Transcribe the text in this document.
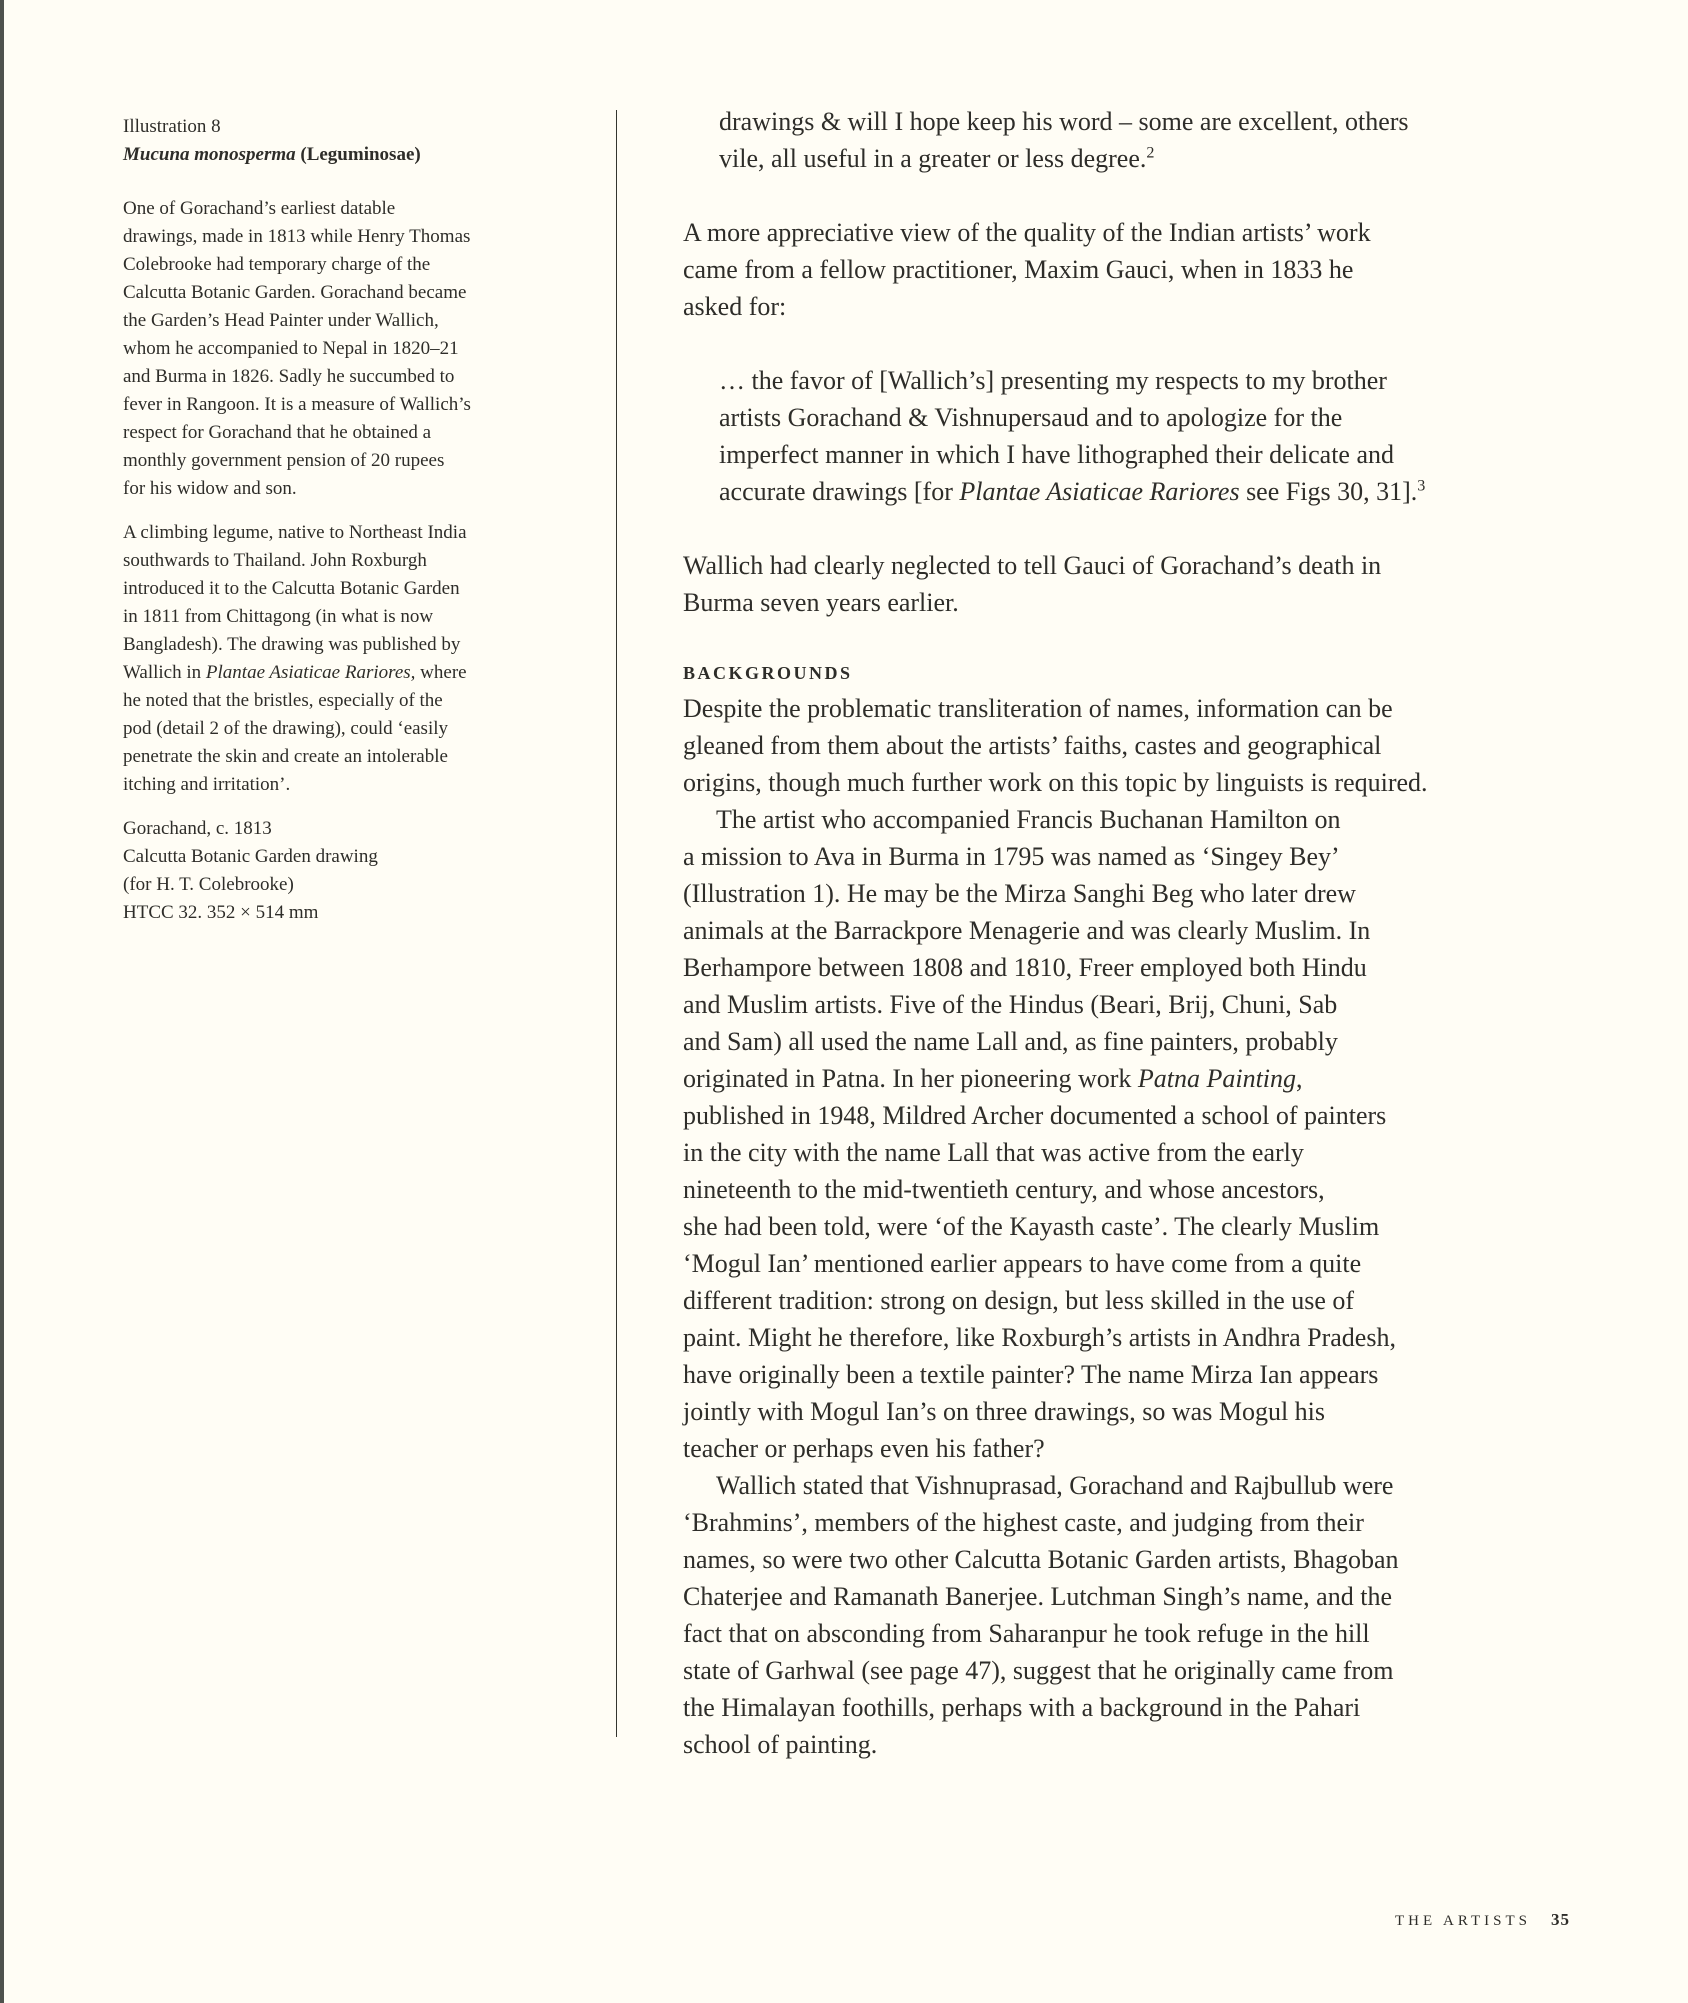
Illustration 8
Mucuna monosperma (Leguminosae)
One of Gorachand’s earliest datable
drawings, made in 1813 while Henry Thomas
Colebrooke had temporary charge of the
Calcutta Botanic Garden. Gorachand became
the Garden’s Head Painter under Wallich,
whom he accompanied to Nepal in 1820–21
and Burma in 1826. Sadly he succumbed to
fever in Rangoon. It is a measure of Wallich’s
respect for Gorachand that he obtained a
monthly government pension of 20 rupees
for his widow and son.
A climbing legume, native to Northeast India
southwards to Thailand. John Roxburgh
introduced it to the Calcutta Botanic Garden
in 1811 from Chittagong (in what is now
Bangladesh). The drawing was published by
Wallich in Plantae Asiaticae Rariores, where
he noted that the bristles, especially of the
pod (detail 2 of the drawing), could ‘easily
penetrate the skin and create an intolerable
itching and irritation’.
Gorachand, c. 1813
Calcutta Botanic Garden drawing
(for H. T. Colebrooke)
HTCC 32. 352 × 514 mm
drawings & will I hope keep his word – some are excellent, others
vile, all useful in a greater or less degree.$^2$
A more appreciative view of the quality of the Indian artists’ work
came from a fellow practitioner, Maxim Gauci, when in 1833 he
asked for:
… the favor of [Wallich’s] presenting my respects to my brother
artists Gorachand & Vishnupersaud and to apologize for the
imperfect manner in which I have lithographed their delicate and
accurate drawings [for Plantae Asiaticae Rariores see Figs 30, 31].$^3$
Wallich had clearly neglected to tell Gauci of Gorachand’s death in
Burma seven years earlier.
BACKGROUNDS
Despite the problematic transliteration of names, information can be
gleaned from them about the artists’ faiths, castes and geographical
origins, though much further work on this topic by linguists is required.
The artist who accompanied Francis Buchanan Hamilton on
a mission to Ava in Burma in 1795 was named as ‘Singey Bey’
(Illustration 1). He may be the Mirza Sanghi Beg who later drew
animals at the Barrackpore Menagerie and was clearly Muslim. In
Berhampore between 1808 and 1810, Freer employed both Hindu
and Muslim artists. Five of the Hindus (Beari, Brij, Chuni, Sab
and Sam) all used the name Lall and, as fine painters, probably
originated in Patna. In her pioneering work Patna Painting,
published in 1948, Mildred Archer documented a school of painters
in the city with the name Lall that was active from the early
nineteenth to the mid-twentieth century, and whose ancestors,
she had been told, were ‘of the Kayasth caste’. The clearly Muslim
‘Mogul Ian’ mentioned earlier appears to have come from a quite
different tradition: strong on design, but less skilled in the use of
paint. Might he therefore, like Roxburgh’s artists in Andhra Pradesh,
have originally been a textile painter? The name Mirza Ian appears
jointly with Mogul Ian’s on three drawings, so was Mogul his
teacher or perhaps even his father?
Wallich stated that Vishnuprasad, Gorachand and Rajbullub were
‘Brahmins’, members of the highest caste, and judging from their
names, so were two other Calcutta Botanic Garden artists, Bhagoban
Chaterjee and Ramanath Banerjee. Lutchman Singh’s name, and the
fact that on absconding from Saharanpur he took refuge in the hill
state of Garhwal (see page 47), suggest that he originally came from
the Himalayan foothills, perhaps with a background in the Pahari
school of painting.
THE ARTISTS 35
